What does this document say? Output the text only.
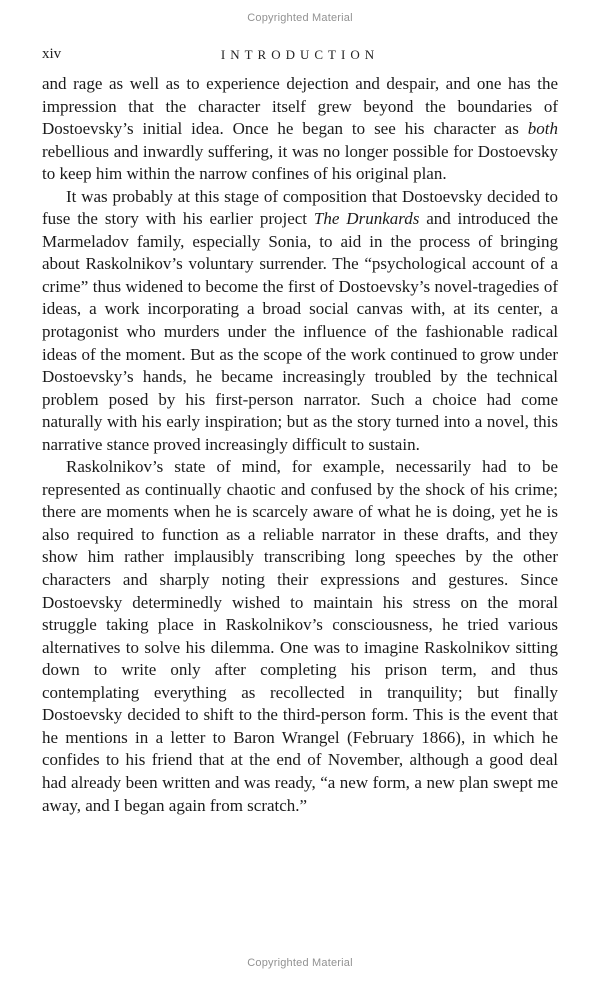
Copyrighted Material
xiv	INTRODUCTION

and rage as well as to experience dejection and despair, and one has the impression that the character itself grew beyond the boundaries of Dostoevsky’s initial idea. Once he began to see his character as both rebellious and inwardly suffering, it was no longer possible for Dostoevsky to keep him within the narrow confines of his original plan.

It was probably at this stage of composition that Dostoevsky decided to fuse the story with his earlier project The Drunkards and introduced the Marmeladov family, especially Sonia, to aid in the process of bringing about Raskolnikov’s voluntary surrender. The “psychological account of a crime” thus widened to become the first of Dostoevsky’s novel-tragedies of ideas, a work incorporating a broad social canvas with, at its center, a protagonist who murders under the influence of the fashionable radical ideas of the moment. But as the scope of the work continued to grow under Dostoevsky’s hands, he became increasingly troubled by the technical problem posed by his first-person narrator. Such a choice had come naturally with his early inspiration; but as the story turned into a novel, this narrative stance proved increasingly difficult to sustain.

Raskolnikov’s state of mind, for example, necessarily had to be represented as continually chaotic and confused by the shock of his crime; there are moments when he is scarcely aware of what he is doing, yet he is also required to function as a reliable narrator in these drafts, and they show him rather implausibly transcribing long speeches by the other characters and sharply noting their expressions and gestures. Since Dostoevsky determinedly wished to maintain his stress on the moral struggle taking place in Raskolnikov’s consciousness, he tried various alternatives to solve his dilemma. One was to imagine Raskolnikov sitting down to write only after completing his prison term, and thus contemplating everything as recollected in tranquility; but finally Dostoevsky decided to shift to the third-person form. This is the event that he mentions in a letter to Baron Wrangel (February 1866), in which he confides to his friend that at the end of November, although a good deal had already been written and was ready, “a new form, a new plan swept me away, and I began again from scratch.”

Copyrighted Material
